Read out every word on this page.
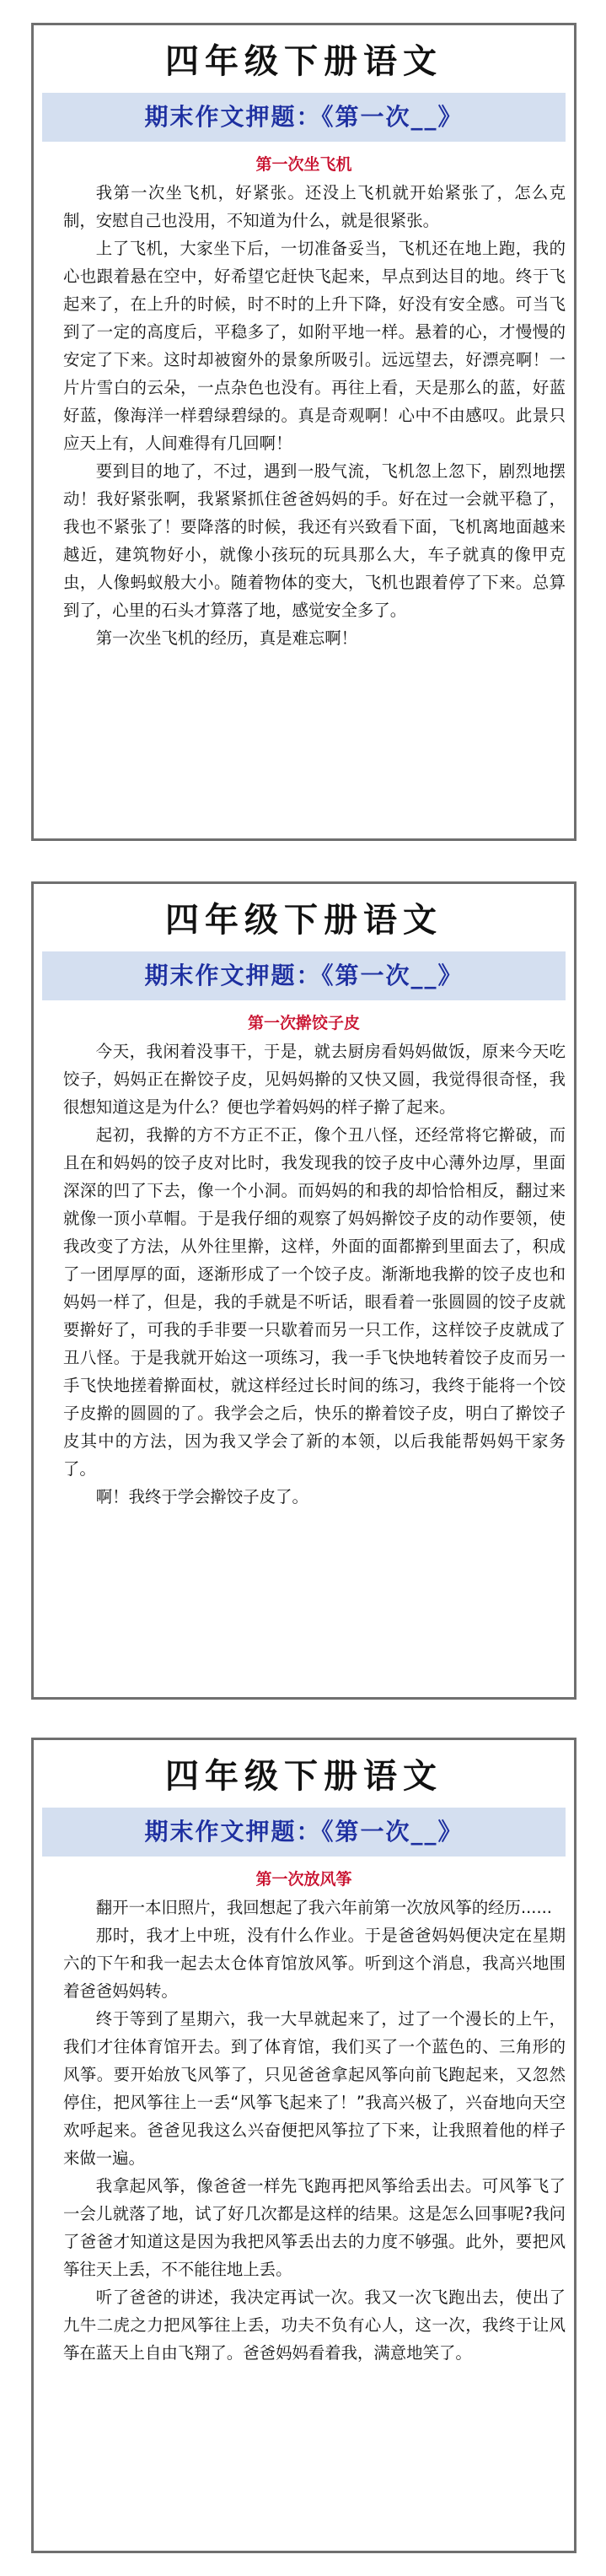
四年级下册语文
期末作文押题：《第一次__》
第一次坐飞机

我第一次坐飞机，好紧张。还没上飞机就开始紧张了，怎么克制，安慰自己也没用，不知道为什么，就是很紧张。

上了飞机，大家坐下后，一切准备妥当，飞机还在地上跑，我的心也跟着悬在空中，好希望它赶快飞起来，早点到达目的地。终于飞起来了，在上升的时候，时不时的上升下降，好没有安全感。可当飞到了一定的高度后，平稳多了，如附平地一样。悬着的心，才慢慢的安定了下来。这时却被窗外的景象所吸引。远远望去，好漂亮啊！一片片雪白的云朵，一点杂色也没有。再往上看，天是那么的蓝，好蓝好蓝，像海洋一样碧绿碧绿的。真是奇观啊！心中不由感叹。此景只应天上有，人间难得有几回啊！

要到目的地了，不过，遇到一股气流，飞机忽上忽下，剧烈地摆动！我好紧张啊，我紧紧抓住爸爸妈妈的手。好在过一会就平稳了，我也不紧张了！要降落的时候，我还有兴致看下面，飞机离地面越来越近，建筑物好小，就像小孩玩的玩具那么大，车子就真的像甲克虫，人像蚂蚁般大小。随着物体的变大，飞机也跟着停了下来。总算到了，心里的石头才算落了地，感觉安全多了。

第一次坐飞机的经历，真是难忘啊！

四年级下册语文
期末作文押题：《第一次__》
第一次擀饺子皮

今天，我闲着没事干，于是，就去厨房看妈妈做饭，原来今天吃饺子，妈妈正在擀饺子皮，见妈妈擀的又快又圆，我觉得很奇怪，我很想知道这是为什么？便也学着妈妈的样子擀了起来。

起初，我擀的方不方正不正，像个丑八怪，还经常将它擀破，而且在和妈妈的饺子皮对比时，我发现我的饺子皮中心薄外边厚，里面深深的凹了下去，像一个小洞。而妈妈的和我的却恰恰相反，翻过来就像一顶小草帽。于是我仔细的观察了妈妈擀饺子皮的动作要领，使我改变了方法，从外往里擀，这样，外面的面都擀到里面去了，积成了一团厚厚的面，逐渐形成了一个饺子皮。渐渐地我擀的饺子皮也和妈妈一样了，但是，我的手就是不听话，眼看着一张圆圆的饺子皮就要擀好了，可我的手非要一只歇着而另一只工作，这样饺子皮就成了丑八怪。于是我就开始这一项练习，我一手飞快地转着饺子皮而另一手飞快地搓着擀面杖，就这样经过长时间的练习，我终于能将一个饺子皮擀的圆圆的了。我学会之后，快乐的擀着饺子皮，明白了擀饺子皮其中的方法，因为我又学会了新的本领，以后我能帮妈妈干家务了。

啊！我终于学会擀饺子皮了。

四年级下册语文
期末作文押题：《第一次__》
第一次放风筝

翻开一本旧照片，我回想起了我六年前第一次放风筝的经历......

那时，我才上中班，没有什么作业。于是爸爸妈妈便决定在星期六的下午和我一起去太仓体育馆放风筝。听到这个消息，我高兴地围着爸爸妈妈转。

终于等到了星期六，我一大早就起来了，过了一个漫长的上午，我们才往体育馆开去。到了体育馆，我们买了一个蓝色的、三角形的风筝。要开始放飞风筝了，只见爸爸拿起风筝向前飞跑起来，又忽然停住，把风筝往上一丢“风筝飞起来了！”我高兴极了，兴奋地向天空欢呼起来。爸爸见我这么兴奋便把风筝拉了下来，让我照着他的样子来做一遍。

我拿起风筝，像爸爸一样先飞跑再把风筝给丢出去。可风筝飞了一会儿就落了地，试了好几次都是这样的结果。这是怎么回事呢?我问了爸爸才知道这是因为我把风筝丢出去的力度不够强。此外，要把风筝往天上丢，不不能往地上丢。

听了爸爸的讲述，我决定再试一次。我又一次飞跑出去，使出了九牛二虎之力把风筝往上丢，功夫不负有心人，这一次，我终于让风筝在蓝天上自由飞翔了。爸爸妈妈看着我，满意地笑了。
